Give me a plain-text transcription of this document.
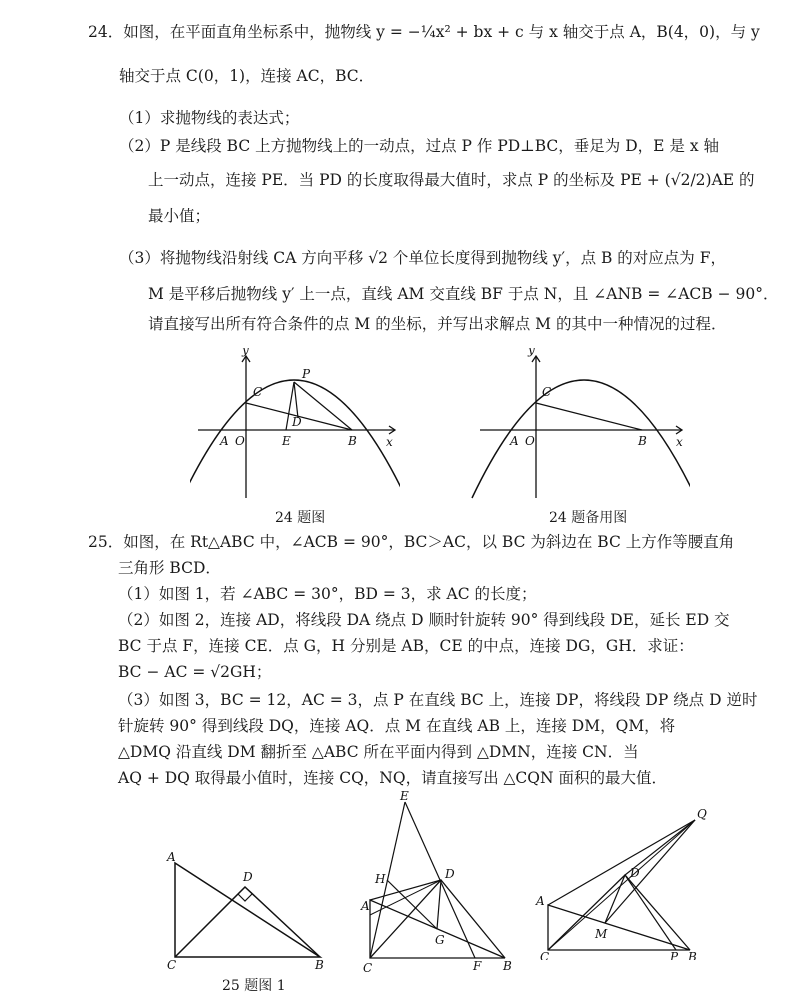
24．如图，在平面直角坐标系中，抛物线 y = −¼x² + bx + c 与 x 轴交于点 A，B(4，0)，与 y
轴交于点 C(0，1)，连接 AC，BC．
（1）求抛物线的表达式；
（2）P 是线段 BC 上方抛物线上的一动点，过点 P 作 PD⊥BC，垂足为 D，E 是 x 轴
上一动点，连接 PE．当 PD 的长度取得最大值时，求点 P 的坐标及 PE + (√2/2)AE 的
最小值；
（3）将抛物线沿射线 CA 方向平移 √2 个单位长度得到抛物线 y′，点 B 的对应点为 F，
M 是平移后抛物线 y′ 上一点，直线 AM 交直线 BF 于点 N，且 ∠ANB = ∠ACB − 90°．
请直接写出所有符合条件的点 M 的坐标，并写出求解点 M 的其中一种情况的过程．
y
x
C
P
D
E	B
A O
24 题图
y
x
C
B
A O
24 题备用图
25．如图，在 Rt△ABC 中，∠ACB = 90°，BC＞AC，以 BC 为斜边在 BC 上方作等腰直角
三角形 BCD．
（1）如图 1，若 ∠ABC = 30°，BD = 3，求 AC 的长度；
（2）如图 2，连接 AD，将线段 DA 绕点 D 顺时针旋转 90° 得到线段 DE，延长 ED 交
BC 于点 F，连接 CE．点 G，H 分别是 AB，CE 的中点，连接 DG，GH．求证：
BC − AC = √2GH；
（3）如图 3，BC = 12，AC = 3，点 P 在直线 BC 上，连接 DP，将线段 DP 绕点 D 逆时
针旋转 90° 得到线段 DQ，连接 AQ．点 M 在直线 AB 上，连接 DM，QM，将
△DMQ 沿直线 DM 翻折至 △ABC 所在平面内得到 △DMN，连接 CN．当
AQ + DQ 取得最小值时，连接 CQ，NQ，请直接写出 △CQN 面积的最大值．
A
D
C	B
25 题图 1
E
H	D
A
G
C	F B
Q
D
A
M
C	P B
